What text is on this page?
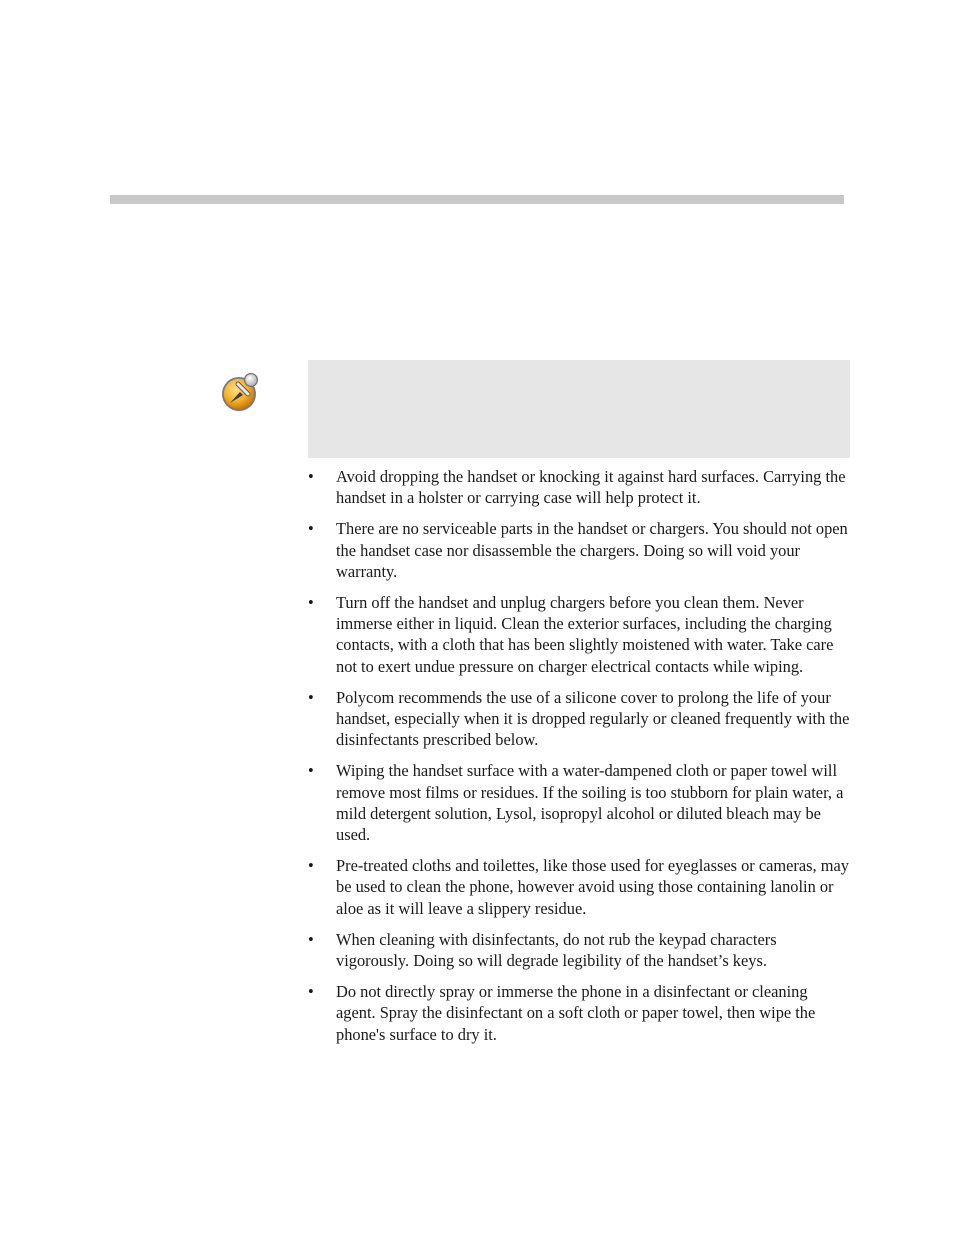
• Avoid dropping the handset or knocking it against hard surfaces. Carrying the handset in a holster or carrying case will help protect it.
• There are no serviceable parts in the handset or chargers. You should not open the handset case nor disassemble the chargers. Doing so will void your warranty.
• Turn off the handset and unplug chargers before you clean them. Never immerse either in liquid. Clean the exterior surfaces, including the charging contacts, with a cloth that has been slightly moistened with water. Take care not to exert undue pressure on charger electrical contacts while wiping.
• Polycom recommends the use of a silicone cover to prolong the life of your handset, especially when it is dropped regularly or cleaned frequently with the disinfectants prescribed below.
• Wiping the handset surface with a water-dampened cloth or paper towel will remove most films or residues. If the soiling is too stubborn for plain water, a mild detergent solution, Lysol, isopropyl alcohol or diluted bleach may be used.
• Pre-treated cloths and toilettes, like those used for eyeglasses or cameras, may be used to clean the phone, however avoid using those containing lanolin or aloe as it will leave a slippery residue.
• When cleaning with disinfectants, do not rub the keypad characters vigorously. Doing so will degrade legibility of the handset’s keys.
• Do not directly spray or immerse the phone in a disinfectant or cleaning agent. Spray the disinfectant on a soft cloth or paper towel, then wipe the phone's surface to dry it.
